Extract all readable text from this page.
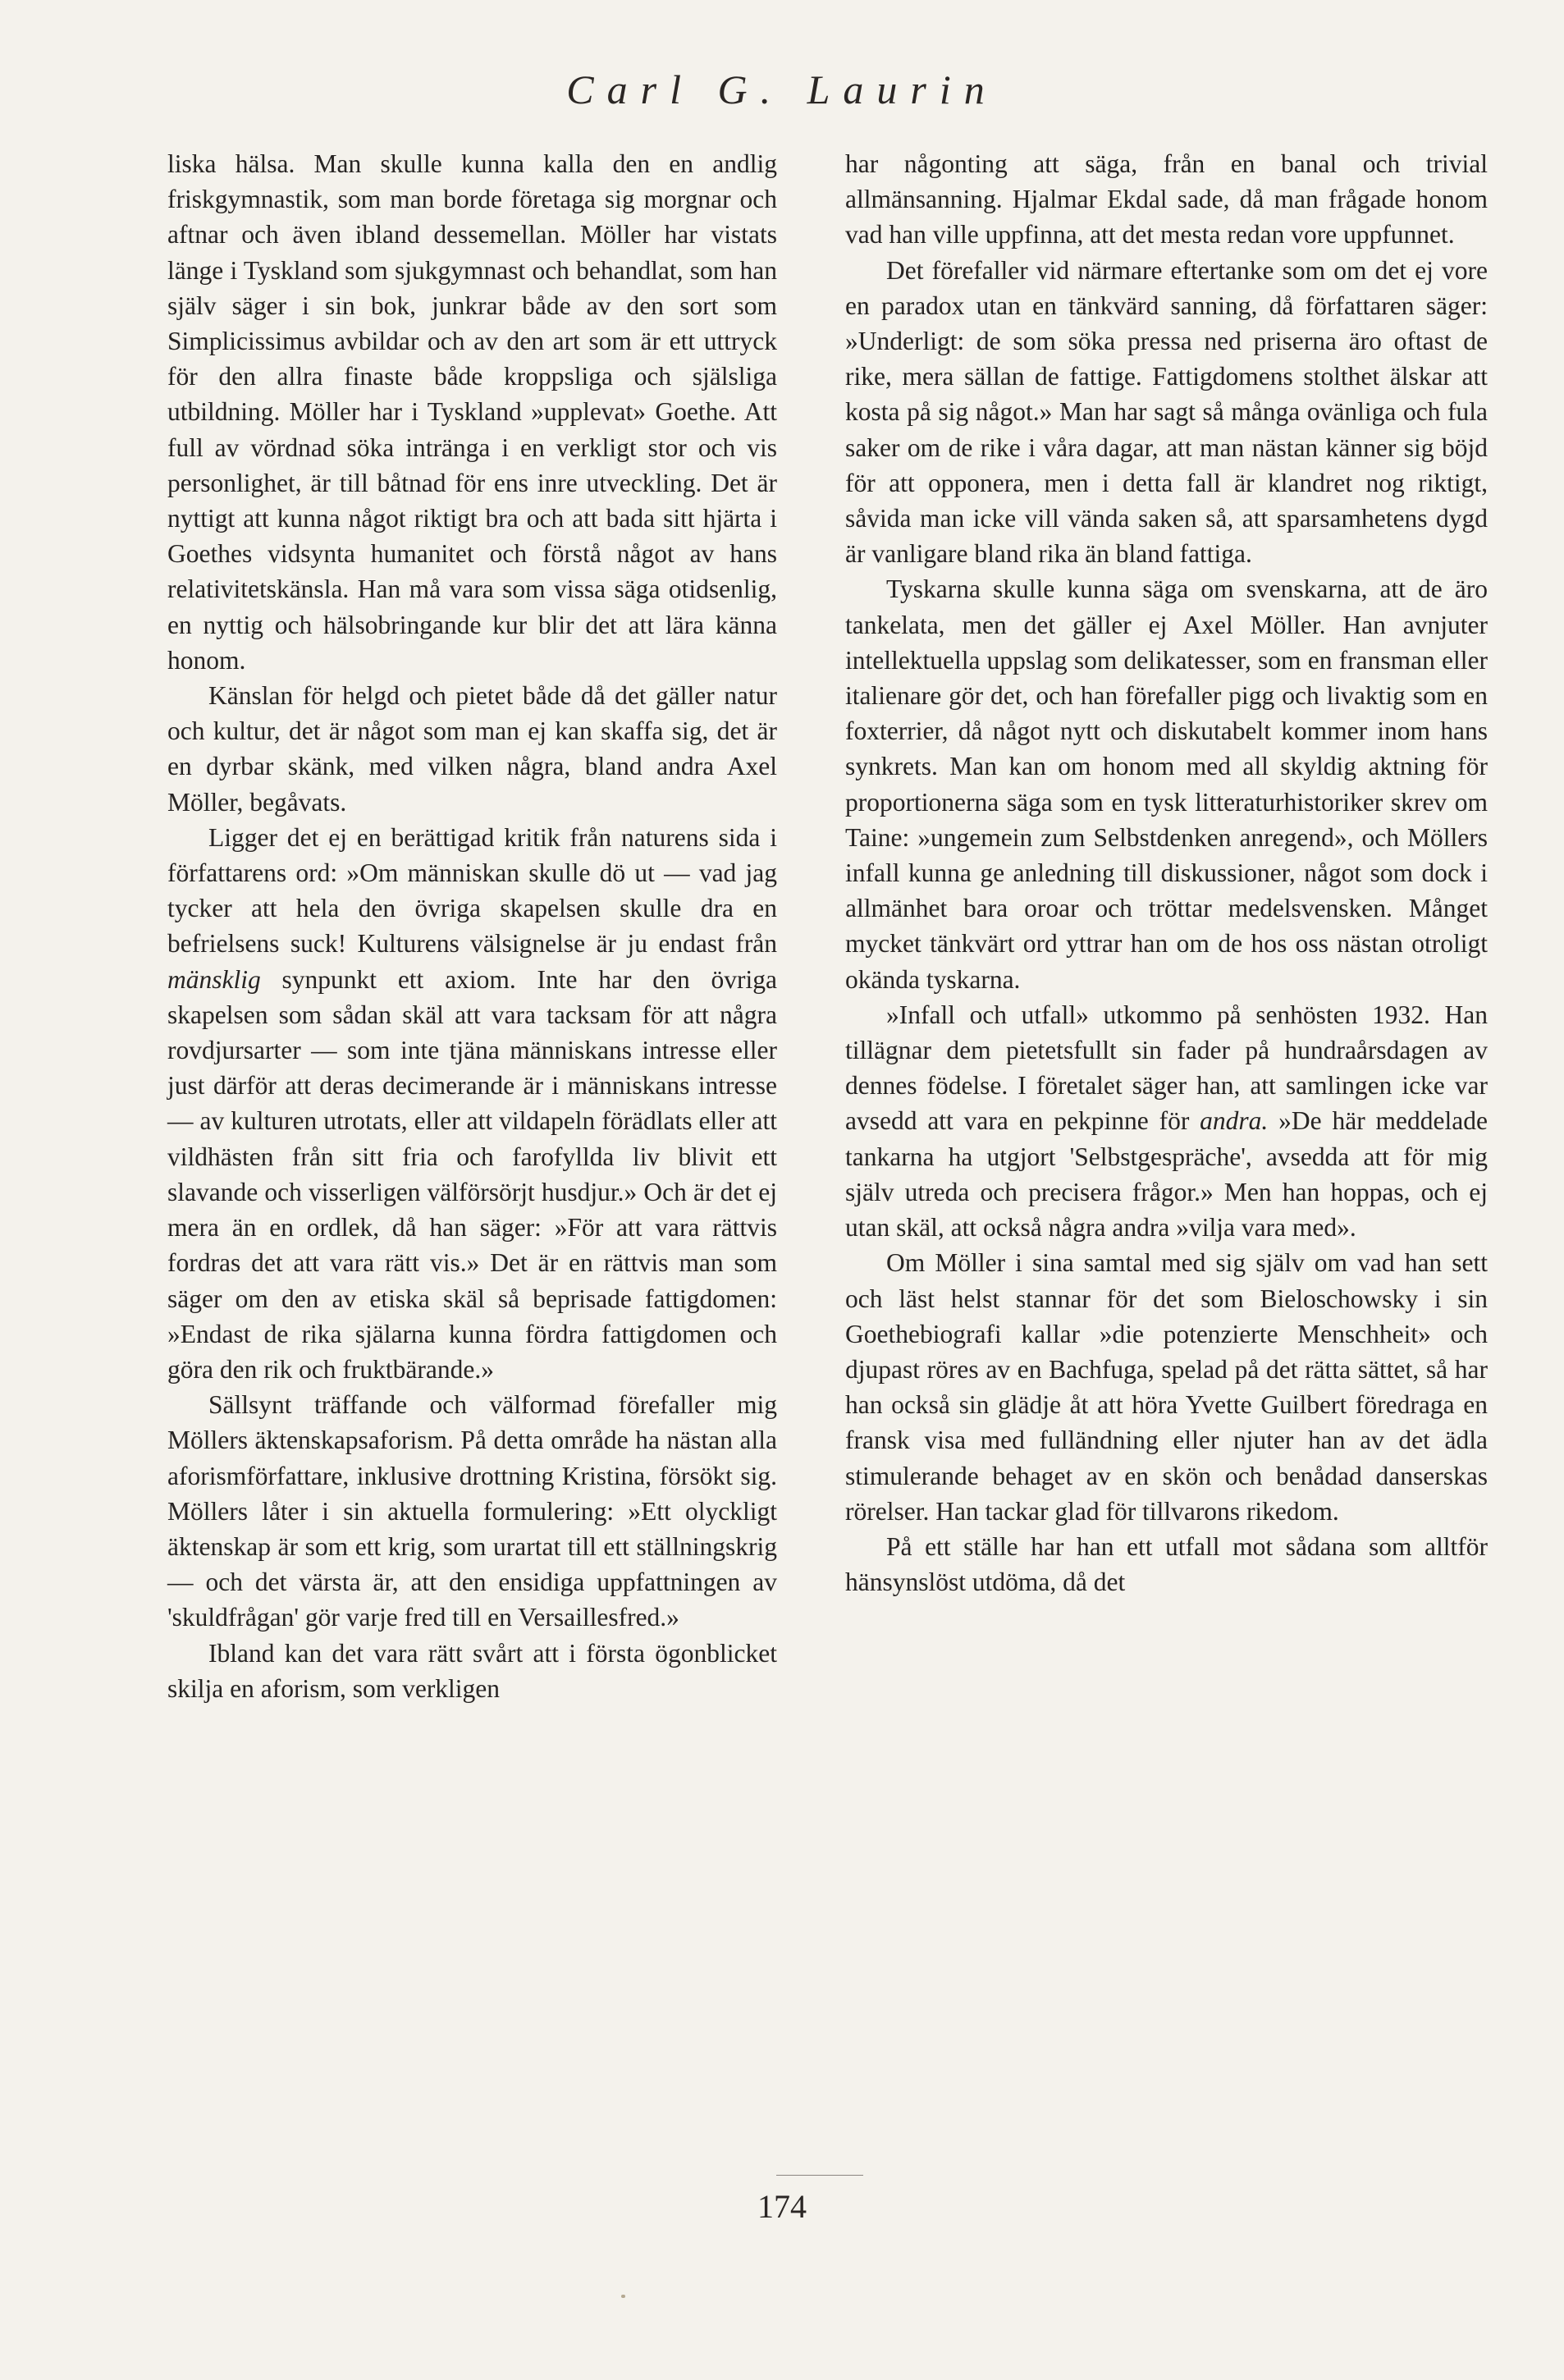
Carl G. Laurin

liska hälsa. Man skulle kunna kalla den en andlig friskgymnastik, som man borde företaga sig morgnar och aftnar och även ibland dessemellan. Möller har vistats länge i Tyskland som sjukgymnast och behandlat, som han själv säger i sin bok, junkrar både av den sort som Simplicissimus avbildar och av den art som är ett uttryck för den allra finaste både kroppsliga och själsliga utbildning. Möller har i Tyskland »upplevat» Goethe. Att full av vördnad söka intränga i en verkligt stor och vis personlighet, är till båtnad för ens inre utveckling. Det är nyttigt att kunna något riktigt bra och att bada sitt hjärta i Goethes vidsynta humanitet och förstå något av hans relativitetskänsla. Han må vara som vissa säga otidsenlig, en nyttig och hälsobringande kur blir det att lära känna honom.

Känslan för helgd och pietet både då det gäller natur och kultur, det är något som man ej kan skaffa sig, det är en dyrbar skänk, med vilken några, bland andra Axel Möller, begåvats.

Ligger det ej en berättigad kritik från naturens sida i författarens ord: »Om människan skulle dö ut — vad jag tycker att hela den övriga skapelsen skulle dra en befrielsens suck! Kulturens välsignelse är ju endast från mänsklig synpunkt ett axiom. Inte har den övriga skapelsen som sådan skäl att vara tacksam för att några rovdjursarter — som inte tjäna människans intresse eller just därför att deras decimerande är i människans intresse — av kulturen utrotats, eller att vildapeln förädlats eller att vildhästen från sitt fria och farofyllda liv blivit ett slavande och visserligen välförsörjt husdjur.» Och är det ej mera än en ordlek, då han säger: »För att vara rättvis fordras det att vara rätt vis.» Det är en rättvis man som säger om den av etiska skäl så beprisade fattigdomen: »Endast de rika själarna kunna fördra fattigdomen och göra den rik och fruktbärande.»

Sällsynt träffande och välformad förefaller mig Möllers äktenskapsaforism. På detta område ha nästan alla aforismförfattare, inklusive drottning Kristina, försökt sig. Möllers låter i sin aktuella formulering: »Ett olyckligt äktenskap är som ett krig, som urartat till ett ställningskrig — och det värsta är, att den ensidiga uppfattningen av 'skuldfrågan' gör varje fred till en Versaillesfred.»

Ibland kan det vara rätt svårt att i första ögonblicket skilja en aforism, som verkligen

har någonting att säga, från en banal och trivial allmänsanning. Hjalmar Ekdal sade, då man frågade honom vad han ville uppfinna, att det mesta redan vore uppfunnet.

Det förefaller vid närmare eftertanke som om det ej vore en paradox utan en tänkvärd sanning, då författaren säger: »Underligt: de som söka pressa ned priserna äro oftast de rike, mera sällan de fattige. Fattigdomens stolthet älskar att kosta på sig något.» Man har sagt så många ovänliga och fula saker om de rike i våra dagar, att man nästan känner sig böjd för att opponera, men i detta fall är klandret nog riktigt, såvida man icke vill vända saken så, att sparsamhetens dygd är vanligare bland rika än bland fattiga.

Tyskarna skulle kunna säga om svenskarna, att de äro tankelata, men det gäller ej Axel Möller. Han avnjuter intellektuella uppslag som delikatesser, som en fransman eller italienare gör det, och han förefaller pigg och livaktig som en foxterrier, då något nytt och diskutabelt kommer inom hans synkrets. Man kan om honom med all skyldig aktning för proportionerna säga som en tysk litteraturhistoriker skrev om Taine: »ungemein zum Selbstdenken anregend», och Möllers infall kunna ge anledning till diskussioner, något som dock i allmänhet bara oroar och tröttar medelsvensken. Månget mycket tänkvärt ord yttrar han om de hos oss nästan otroligt okända tyskarna.

»Infall och utfall» utkommo på senhösten 1932. Han tillägnar dem pietetsfullt sin fader på hundraårsdagen av dennes födelse. I företalet säger han, att samlingen icke var avsedd att vara en pekpinne för andra. »De här meddelade tankarna ha utgjort 'Selbstgespräche', avsedda att för mig själv utreda och precisera frågor.» Men han hoppas, och ej utan skäl, att också några andra »vilja vara med».

Om Möller i sina samtal med sig själv om vad han sett och läst helst stannar för det som Bieloschowsky i sin Goethebiografi kallar »die potenzierte Menschheit» och djupast röres av en Bachfuga, spelad på det rätta sättet, så har han också sin glädje åt att höra Yvette Guilbert föredraga en fransk visa med fulländning eller njuter han av det ädla stimulerande behaget av en skön och benådad danserskas rörelser. Han tackar glad för tillvarons rikedom.

På ett ställe har han ett utfall mot sådana som alltför hänsynslöst utdöma, då det

174
